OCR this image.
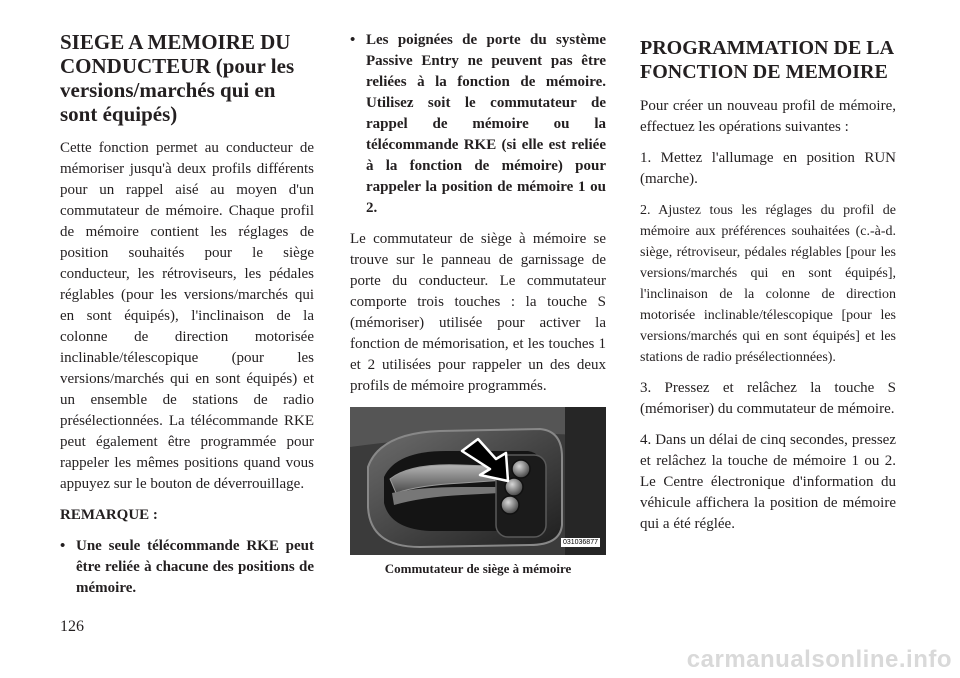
SIEGE A MEMOIRE DU CONDUCTEUR (pour les versions/marchés qui en sont équipés)

Cette fonction permet au conducteur de mémoriser jusqu'à deux profils différents pour un rappel aisé au moyen d'un commutateur de mémoire. Chaque profil de mémoire contient les réglages de position souhaités pour le siège conducteur, les rétroviseurs, les pédales réglables (pour les versions/marchés qui en sont équipés), l'inclinaison de la colonne de direction motorisée inclinable/télescopique (pour les versions/marchés qui en sont équipés) et un ensemble de stations de radio présélectionnées. La télécommande RKE peut également être programmée pour rappeler les mêmes positions quand vous appuyez sur le bouton de déverrouillage.

REMARQUE :

• Une seule télécommande RKE peut être reliée à chacune des positions de mémoire.
• Les poignées de porte du système Passive Entry ne peuvent pas être reliées à la fonction de mémoire. Utilisez soit le commutateur de rappel de mémoire ou la télécommande RKE (si elle est reliée à la fonction de mémoire) pour rappeler la position de mémoire 1 ou 2.

Le commutateur de siège à mémoire se trouve sur le panneau de garnissage de porte du conducteur. Le commutateur comporte trois touches : la touche S (mémoriser) utilisée pour activer la fonction de mémorisation, et les touches 1 et 2 utilisées pour rappeler un des deux profils de mémoire programmés.

031036877
Commutateur de siège à mémoire
PROGRAMMATION DE LA FONCTION DE MEMOIRE

Pour créer un nouveau profil de mémoire, effectuez les opérations suivantes :

1. Mettez l'allumage en position RUN (marche).

2. Ajustez tous les réglages du profil de mémoire aux préférences souhaitées (c.-à-d. siège, rétroviseur, pédales réglables [pour les versions/marchés qui en sont équipés], l'inclinaison de la colonne de direction motorisée inclinable/télescopique [pour les versions/marchés qui en sont équipés] et les stations de radio présélectionnées).

3. Pressez et relâchez la touche S (mémoriser) du commutateur de mémoire.

4. Dans un délai de cinq secondes, pressez et relâchez la touche de mémoire 1 ou 2. Le Centre électronique d'information du véhicule affichera la position de mémoire qui a été réglée.

126
carmanualsonline.info
